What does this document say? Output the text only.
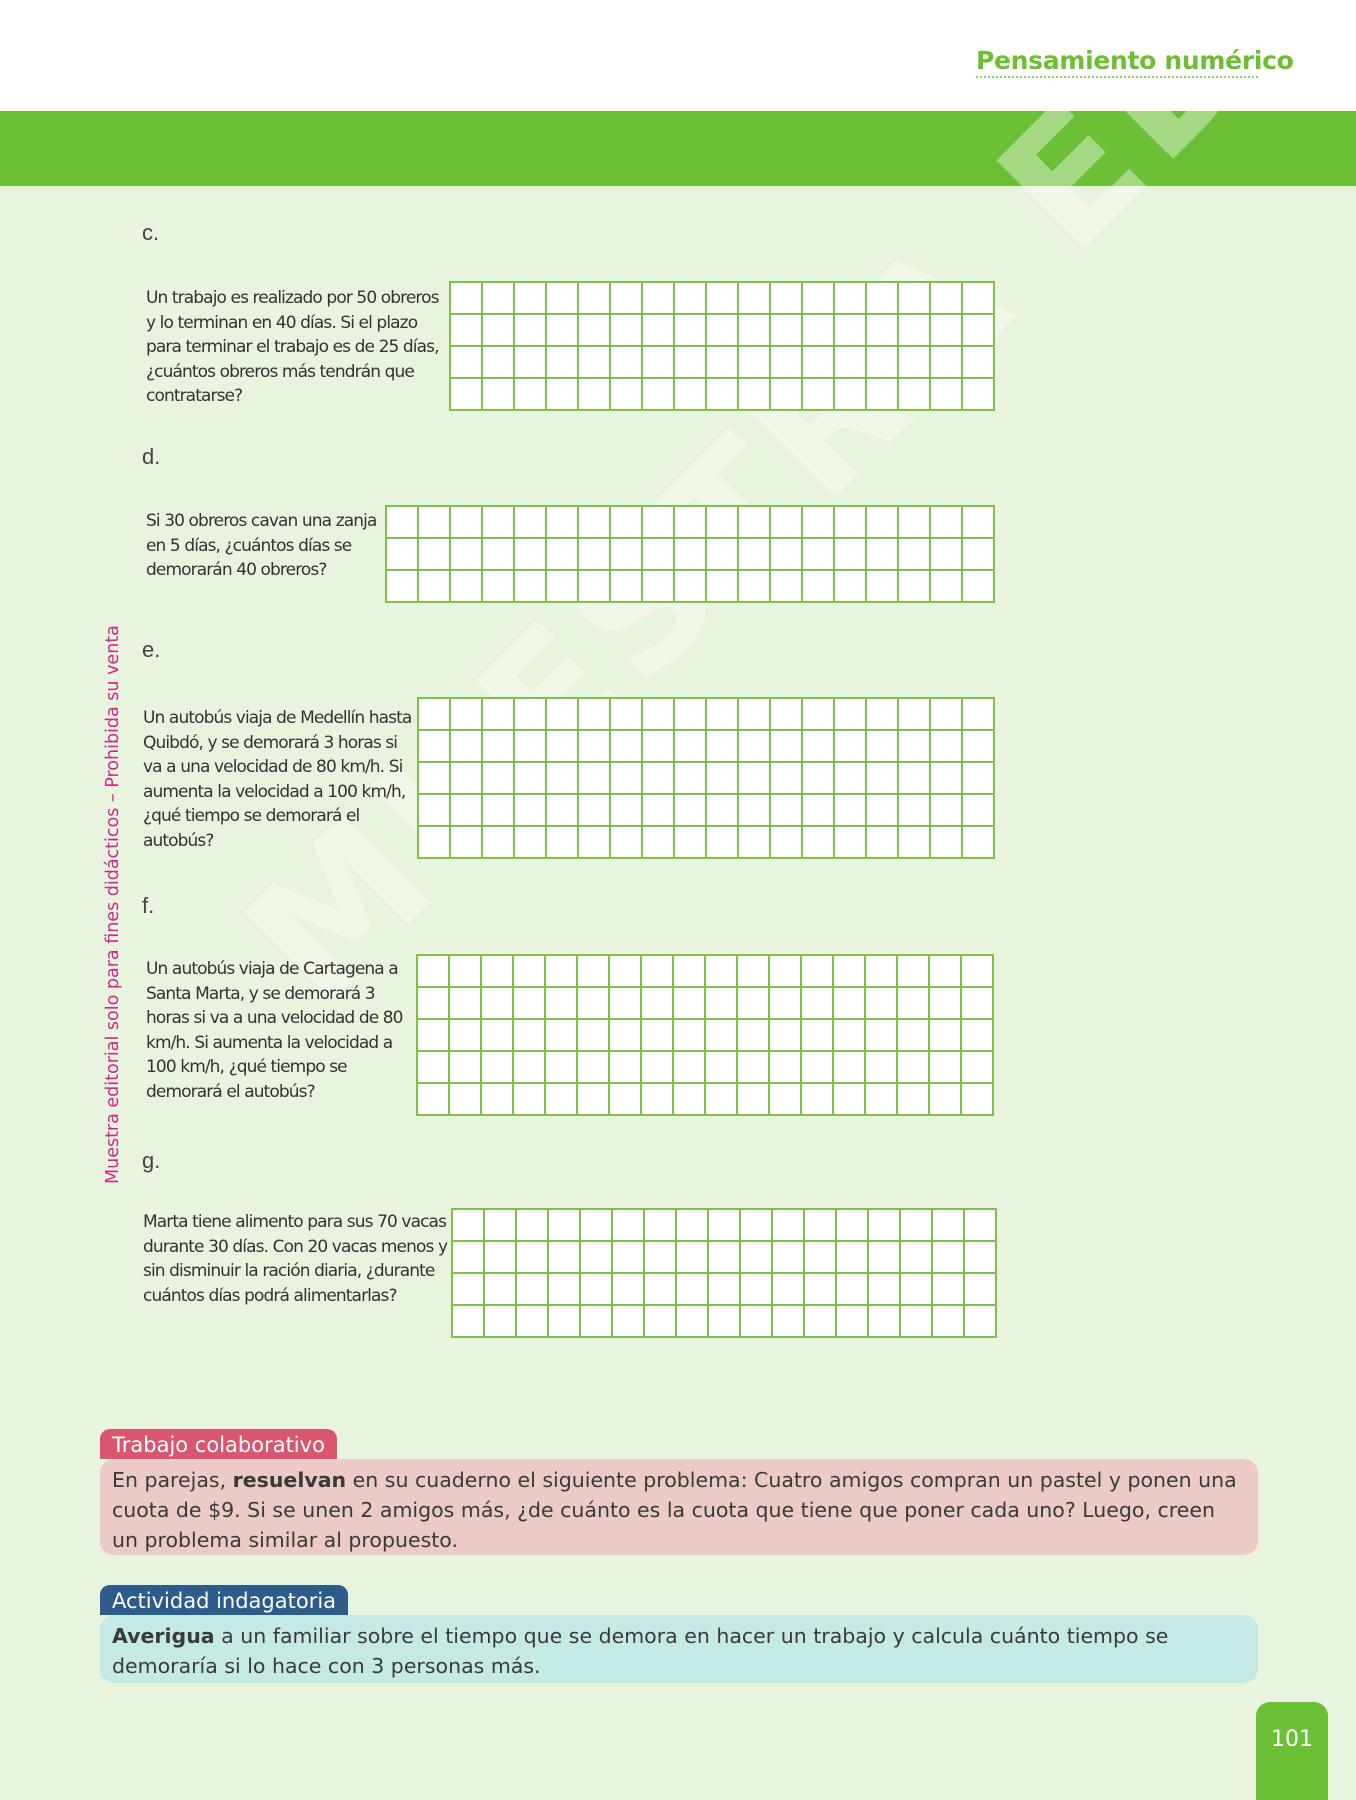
MUESTRA
Pensamiento numérico
Muestra editorial solo para fines didácticos – Prohibida su venta
c.
Un trabajo es realizado por 50 obreros y lo terminan en 40 días. Si el plazo para terminar el trabajo es de 25 días, ¿cuántos obreros más tendrán que contratarse?
d.
Si 30 obreros cavan una zanja en 5 días, ¿cuántos días se demorarán 40 obreros?
e.
Un autobús viaja de Medellín hasta Quibdó, y se demorará 3 horas si va a una velocidad de 80 km/h. Si aumenta la velocidad a 100 km/h, ¿qué tiempo se demorará el autobús?
f.
Un autobús viaja de Cartagena a Santa Marta, y se demorará 3 horas si va a una velocidad de 80 km/h. Si aumenta la velocidad a 100 km/h, ¿qué tiempo se demorará el autobús?
g.
Marta tiene alimento para sus 70 vacas durante 30 días. Con 20 vacas menos y sin disminuir la ración diaria, ¿durante cuántos días podrá alimentarlas?
Trabajo colaborativo
En parejas, resuelvan en su cuaderno el siguiente problema: Cuatro amigos compran un pastel y ponen una cuota de $9. Si se unen 2 amigos más, ¿de cuánto es la cuota que tiene que poner cada uno? Luego, creen un problema similar al propuesto.
Actividad indagatoria
Averigua a un familiar sobre el tiempo que se demora en hacer un trabajo y calcula cuánto tiempo se demoraría si lo hace con 3 personas más.
101
